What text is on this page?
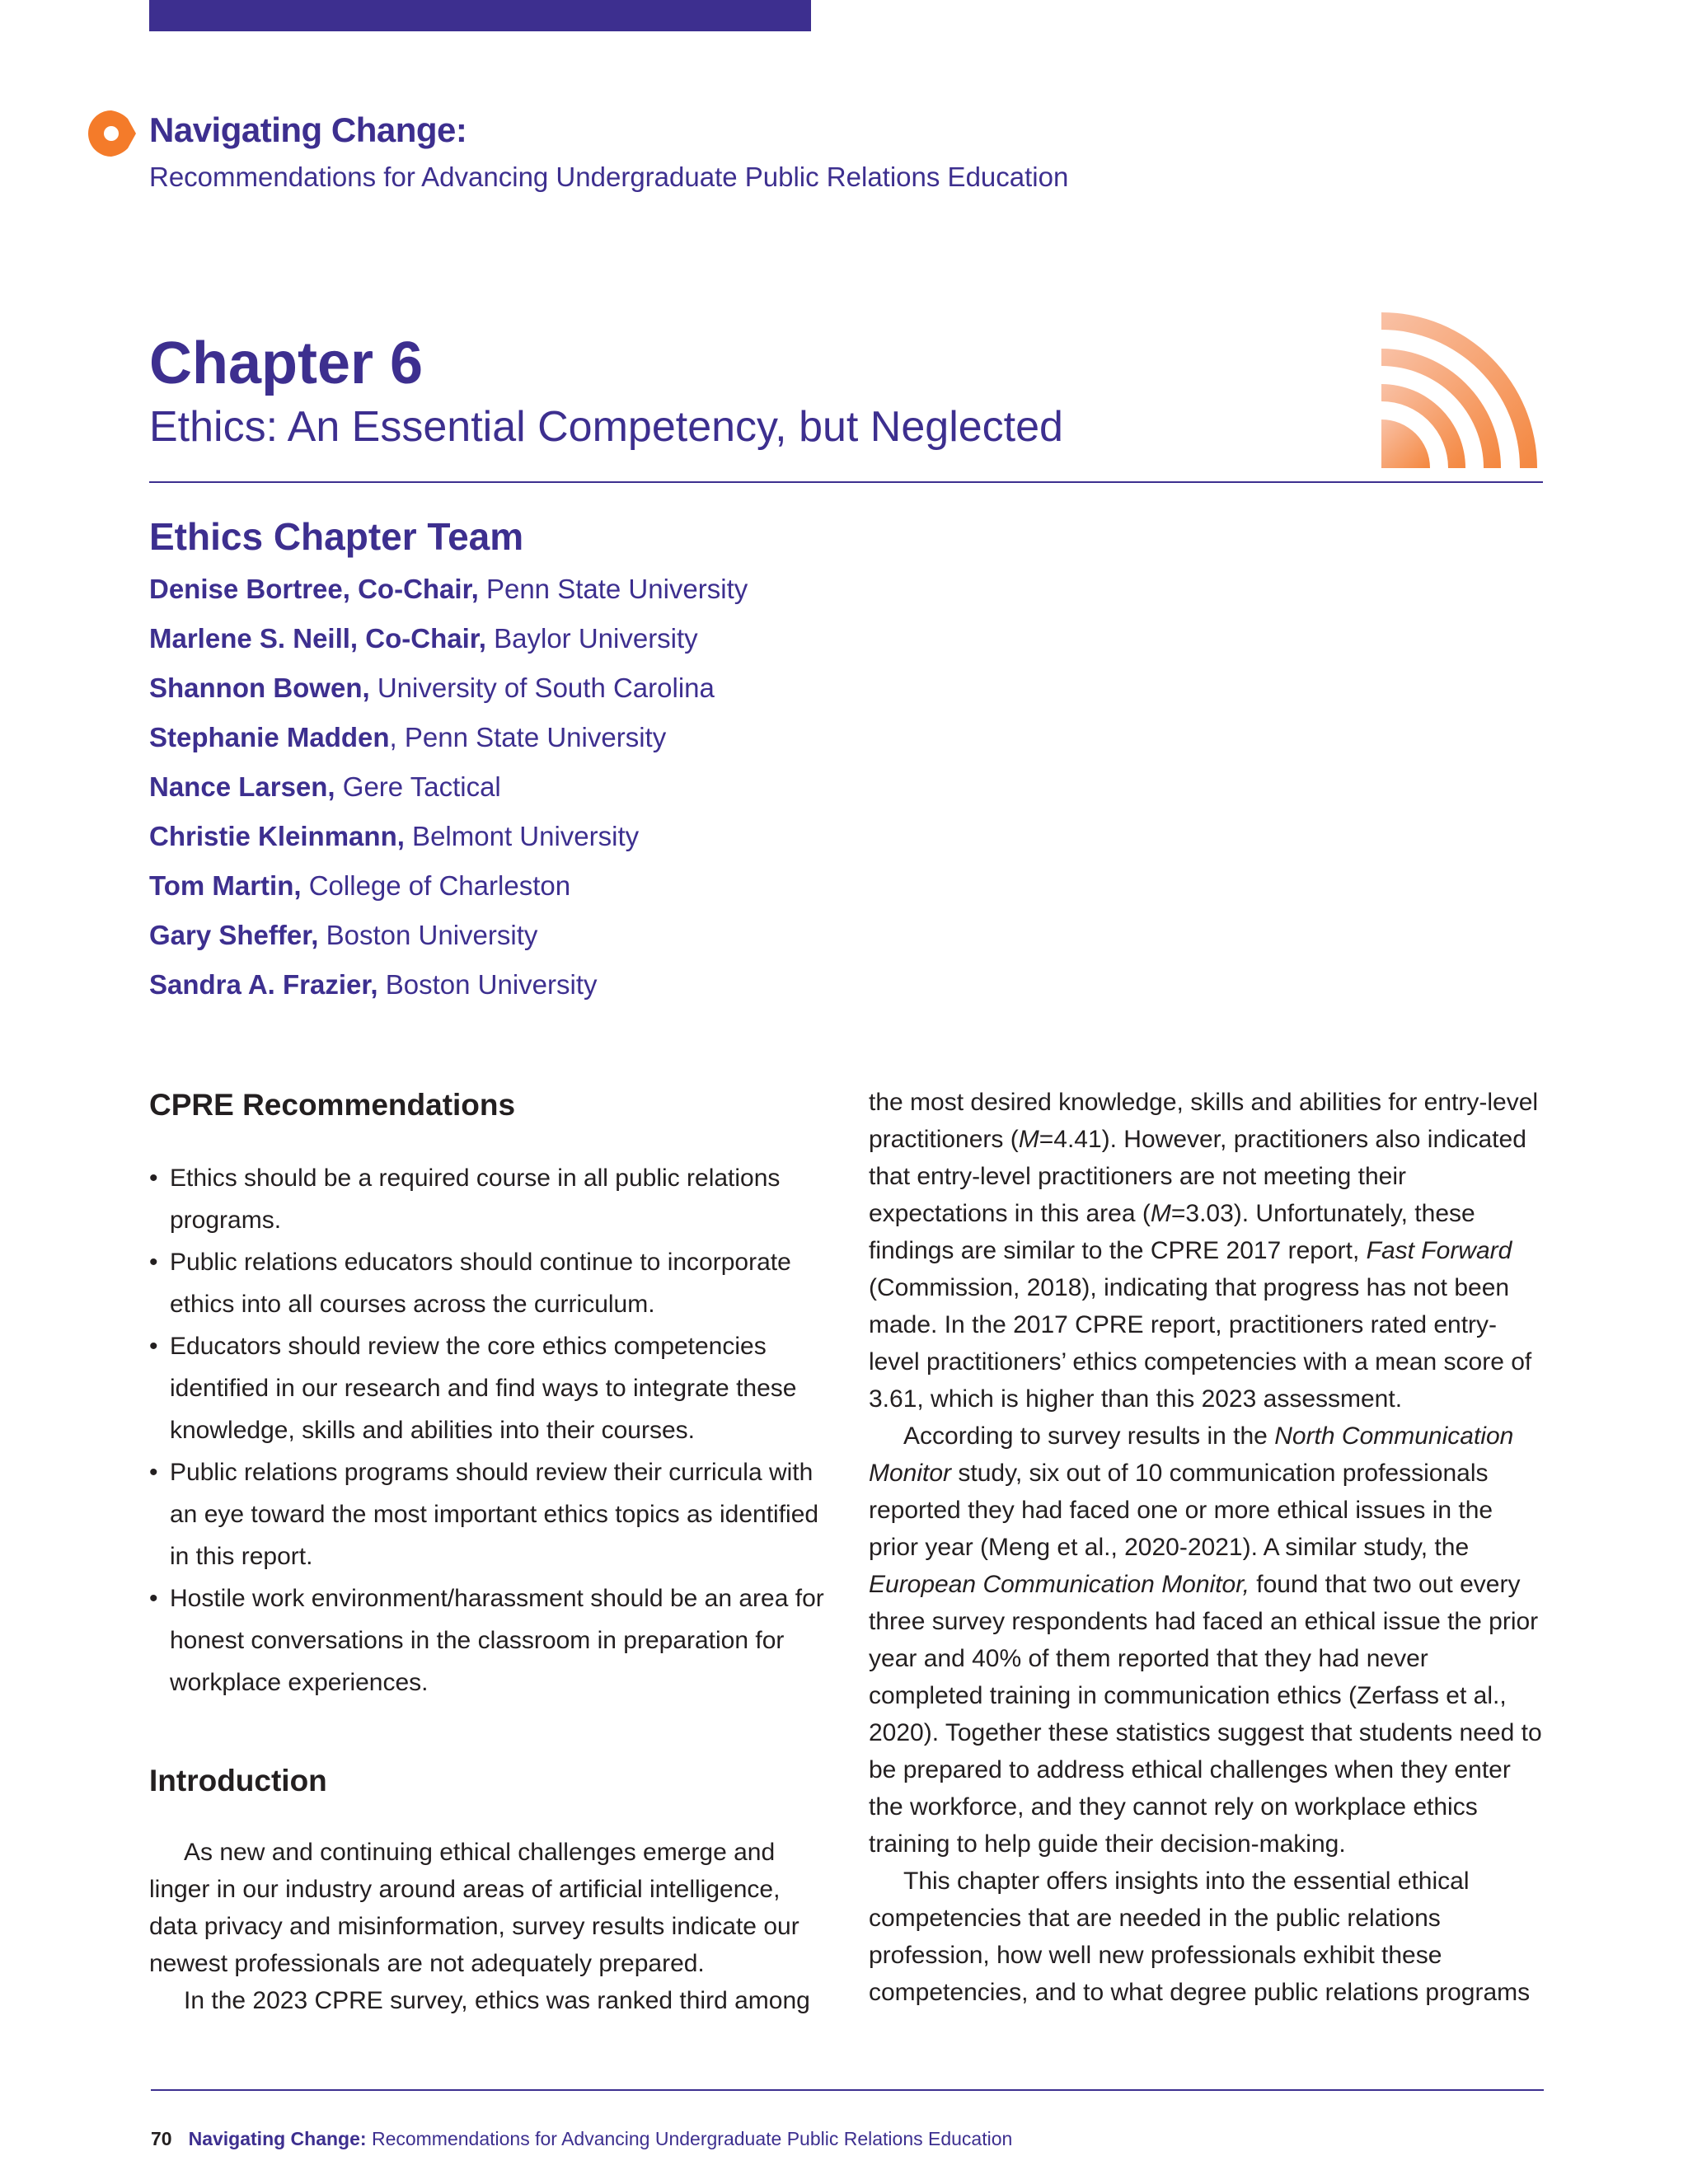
Navigating Change:
Recommendations for Advancing Undergraduate Public Relations Education
Chapter 6
Ethics: An Essential Competency, but Neglected
Ethics Chapter Team
Denise Bortree, Co-Chair, Penn State University
Marlene S. Neill, Co-Chair, Baylor University
Shannon Bowen, University of South Carolina
Stephanie Madden, Penn State University
Nance Larsen, Gere Tactical
Christie Kleinmann, Belmont University
Tom Martin, College of Charleston
Gary Sheffer, Boston University
Sandra A. Frazier, Boston University
CPRE Recommendations
• Ethics should be a required course in all public relations programs.
• Public relations educators should continue to incorporate ethics into all courses across the curriculum.
• Educators should review the core ethics competencies identified in our research and find ways to integrate these knowledge, skills and abilities into their courses.
• Public relations programs should review their curricula with an eye toward the most important ethics topics as identified in this report.
• Hostile work environment/harassment should be an area for honest conversations in the classroom in preparation for workplace experiences.
Introduction

As new and continuing ethical challenges emerge and linger in our industry around areas of artificial intelligence, data privacy and misinformation, survey results indicate our newest professionals are not adequately prepared.

In the 2023 CPRE survey, ethics was ranked third among

the most desired knowledge, skills and abilities for entry-level practitioners (M=4.41). However, practitioners also indicated that entry-level practitioners are not meeting their expectations in this area (M=3.03). Unfortunately, these findings are similar to the CPRE 2017 report, Fast Forward (Commission, 2018), indicating that progress has not been made. In the 2017 CPRE report, practitioners rated entry-level practitioners’ ethics competencies with a mean score of 3.61, which is higher than this 2023 assessment.

According to survey results in the North Communication Monitor study, six out of 10 communication professionals reported they had faced one or more ethical issues in the prior year (Meng et al., 2020-2021). A similar study, the European Communication Monitor, found that two out every three survey respondents had faced an ethical issue the prior year and 40% of them reported that they had never completed training in communication ethics (Zerfass et al., 2020). Together these statistics suggest that students need to be prepared to address ethical challenges when they enter the workforce, and they cannot rely on workplace ethics training to help guide their decision-making.

This chapter offers insights into the essential ethical competencies that are needed in the public relations profession, how well new professionals exhibit these competencies, and to what degree public relations programs

70 Navigating Change: Recommendations for Advancing Undergraduate Public Relations Education
